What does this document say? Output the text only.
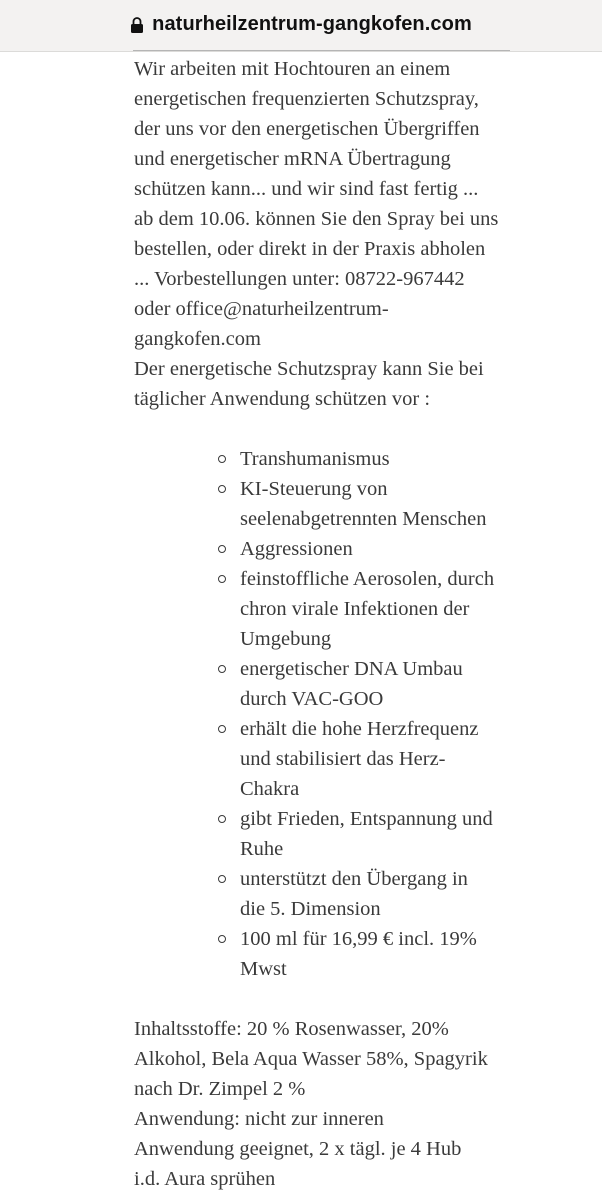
naturheilzentrum-gangkofen.com

Wir arbeiten mit Hochtouren an einem

energetischen frequenzierten Schutzspray,

der uns vor den energetischen Übergriffen

und energetischer mRNA Übertragung

schützen kann... und wir sind fast fertig ...

ab dem 10.06. können Sie den Spray bei uns

bestellen, oder direkt in der Praxis abholen

... Vorbestellungen unter: 08722-967442

oder office@naturheilzentrum-

gangkofen.com

Der energetische Schutzspray kann Sie bei

täglicher Anwendung schützen vor :

Transhumanismus
KI-Steuerung von
seelenabgetrennten Menschen
Aggressionen
feinstoffliche Aerosolen, durch
chron virale Infektionen der
Umgebung
energetischer DNA Umbau
durch VAC-GOO
erhält die hohe Herzfrequenz
und stabilisiert das Herz-
Chakra
gibt Frieden, Entspannung und
Ruhe
unterstützt den Übergang in
die 5. Dimension
100 ml für 16,99 € incl. 19%
Mwst

Inhaltsstoffe: 20 % Rosenwasser, 20%

Alkohol, Bela Aqua Wasser 58%, Spagyrik

nach Dr. Zimpel 2 %

Anwendung: nicht zur inneren

Anwendung geeignet, 2 x tägl. je 4 Hub

i.d. Aura sprühen
